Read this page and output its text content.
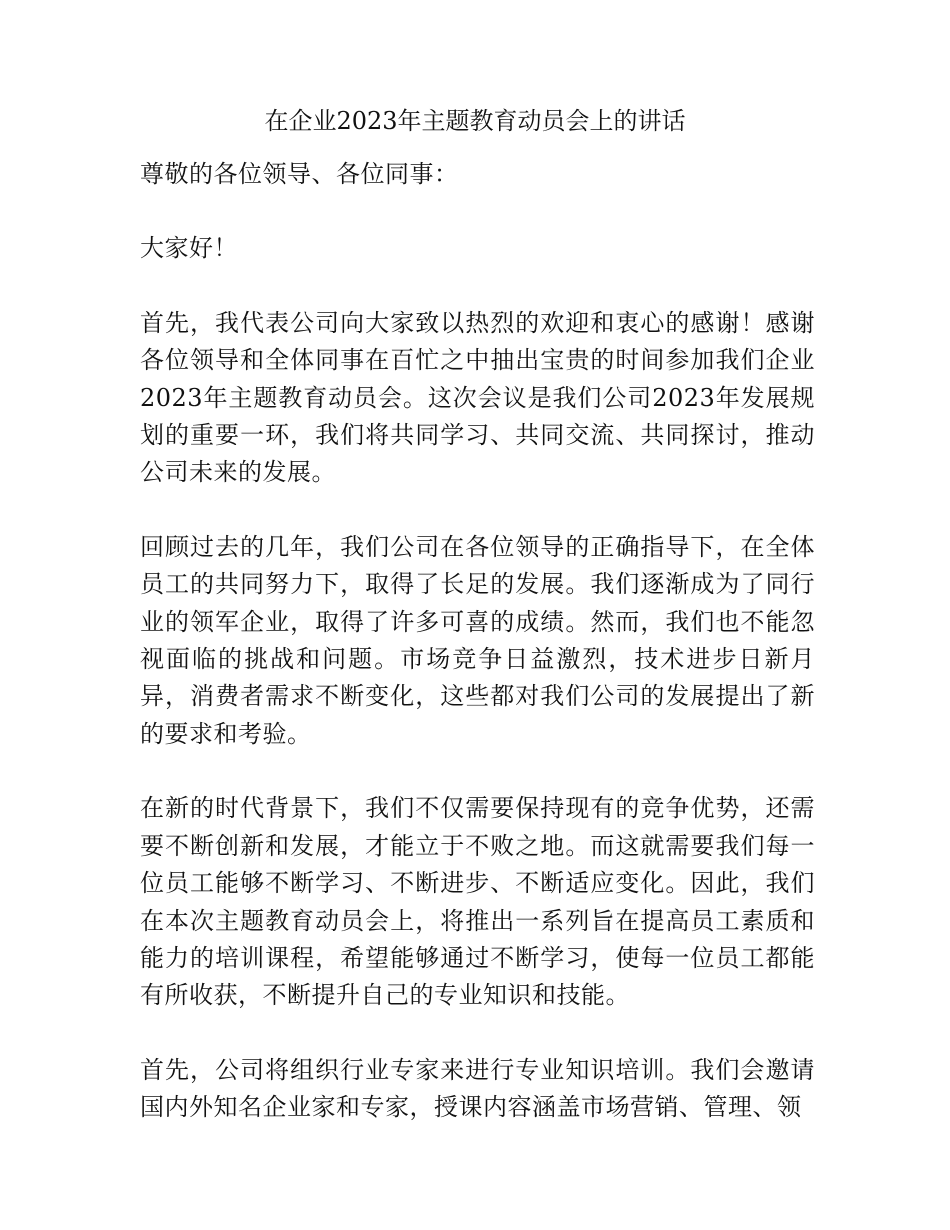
在企业2023年主题教育动员会上的讲话

尊敬的各位领导、各位同事：

大家好！

首先，我代表公司向大家致以热烈的欢迎和衷心的感谢！感谢各位领导和全体同事在百忙之中抽出宝贵的时间参加我们企业2023年主题教育动员会。这次会议是我们公司2023年发展规划的重要一环，我们将共同学习、共同交流、共同探讨，推动公司未来的发展。

回顾过去的几年，我们公司在各位领导的正确指导下，在全体员工的共同努力下，取得了长足的发展。我们逐渐成为了同行业的领军企业，取得了许多可喜的成绩。然而，我们也不能忽视面临的挑战和问题。市场竞争日益激烈，技术进步日新月异，消费者需求不断变化，这些都对我们公司的发展提出了新的要求和考验。

在新的时代背景下，我们不仅需要保持现有的竞争优势，还需要不断创新和发展，才能立于不败之地。而这就需要我们每一位员工能够不断学习、不断进步、不断适应变化。因此，我们在本次主题教育动员会上，将推出一系列旨在提高员工素质和能力的培训课程，希望能够通过不断学习，使每一位员工都能有所收获，不断提升自己的专业知识和技能。

首先，公司将组织行业专家来进行专业知识培训。我们会邀请国内外知名企业家和专家，授课内容涵盖市场营销、管理、领
